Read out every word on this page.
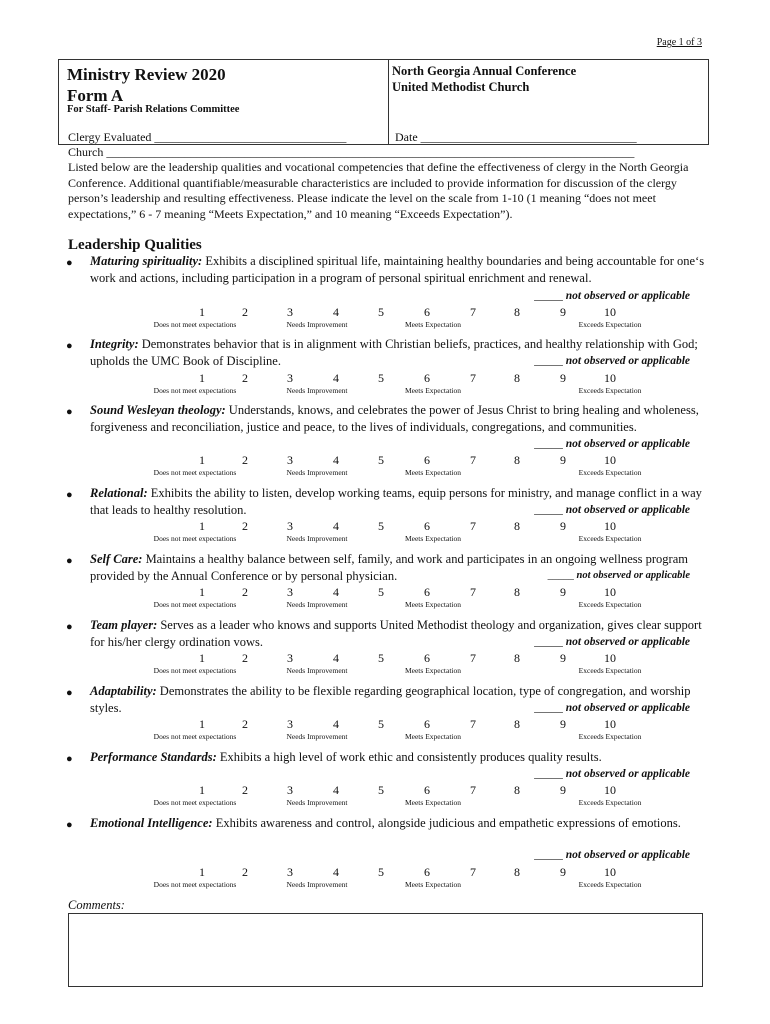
Page 1 of 3
Ministry Review 2020
Form A
For Staff- Parish Relations Committee
North Georgia Annual Conference
United Methodist Church
Clergy Evaluated ________________________________	Date ____________________________________
Church ________________________________________________________________________________________
Listed below are the leadership qualities and vocational competencies that define the effectiveness of clergy in the North Georgia Conference. Additional quantifiable/measurable characteristics are included to provide information for discussion of the clergy person’s leadership and resulting effectiveness. Please indicate the level on the scale from 1-10 (1 meaning “does not meet expectations,” 6 - 7 meaning “Meets Expectation,” and 10 meaning “Exceeds Expectation”).
Leadership Qualities
● Maturing spirituality: Exhibits a disciplined spiritual life, maintaining healthy boundaries and being accountable for one‘s work and actions, including participation in a program of personal spiritual enrichment and renewal.
_____ not observed or applicable
1	2	3	4	5	6	7	8	9	10
Does not meet expectations	Needs Improvement	Meets Expectation	Exceeds Expectation
● Integrity: Demonstrates behavior that is in alignment with Christian beliefs, practices, and healthy relationship with God; upholds the UMC Book of Discipline.	_____ not observed or applicable
1	2	3	4	5	6	7	8	9	10
Does not meet expectations	Needs Improvement	Meets Expectation	Exceeds Expectation
● Sound Wesleyan theology: Understands, knows, and celebrates the power of Jesus Christ to bring healing and wholeness, forgiveness and reconciliation, justice and peace, to the lives of individuals, congregations, and communities.
_____ not observed or applicable
1	2	3	4	5	6	7	8	9	10
Does not meet expectations	Needs Improvement	Meets Expectation	Exceeds Expectation
● Relational: Exhibits the ability to listen, develop working teams, equip persons for ministry, and manage conflict in a way that leads to healthy resolution.	_____ not observed or applicable
1	2	3	4	5	6	7	8	9	10
Does not meet expectations	Needs Improvement	Meets Expectation	Exceeds Expectation
● Self Care: Maintains a healthy balance between self, family, and work and participates in an ongoing wellness program provided by the Annual Conference or by personal physician.	_____ not observed or applicable
1	2	3	4	5	6	7	8	9	10
Does not meet expectations	Needs Improvement	Meets Expectation	Exceeds Expectation
● Team player: Serves as a leader who knows and supports United Methodist theology and organization, gives clear support for his/her clergy ordination vows.	_____ not observed or applicable
1	2	3	4	5	6	7	8	9	10
Does not meet expectations	Needs Improvement	Meets Expectation	Exceeds Expectation
● Adaptability: Demonstrates the ability to be flexible regarding geographical location, type of congregation, and worship styles.	_____ not observed or applicable
1	2	3	4	5	6	7	8	9	10
Does not meet expectations	Needs Improvement	Meets Expectation	Exceeds Expectation
● Performance Standards: Exhibits a high level of work ethic and consistently produces quality results.
_____ not observed or applicable
1	2	3	4	5	6	7	8	9	10
Does not meet expectations	Needs Improvement	Meets Expectation	Exceeds Expectation
● Emotional Intelligence: Exhibits awareness and control, alongside judicious and empathetic expressions of emotions.
_____ not observed or applicable
1	2	3	4	5	6	7	8	9	10
Does not meet expectations	Needs Improvement	Meets Expectation	Exceeds Expectation
Comments:
